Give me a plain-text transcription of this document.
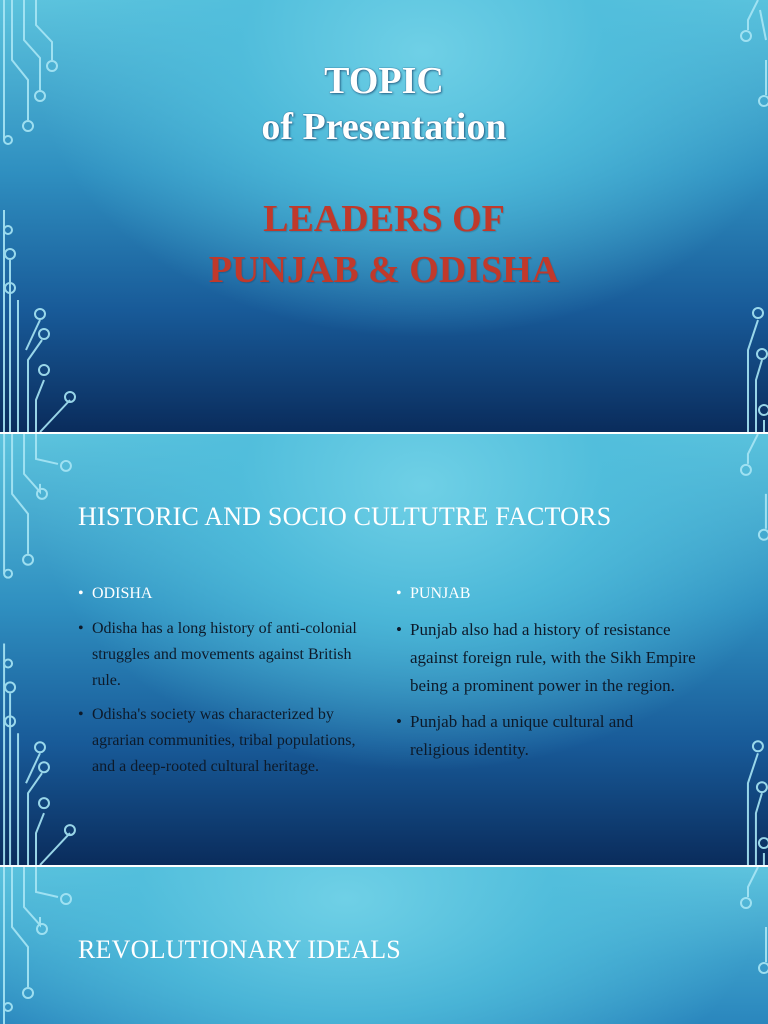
TOPIC
of Presentation
LEADERS OF
PUNJAB & ODISHA
HISTORIC AND SOCIO CULTUTRE FACTORS
• ODISHA
• Odisha has a long history of anti-colonial struggles and movements against British rule.
• Odisha's society was characterized by agrarian communities, tribal populations, and a deep-rooted cultural heritage.
• PUNJAB
• Punjab also had a history of resistance against foreign rule, with the Sikh Empire being a prominent power in the region.
• Punjab had a unique cultural and religious identity.
REVOLUTIONARY IDEALS
